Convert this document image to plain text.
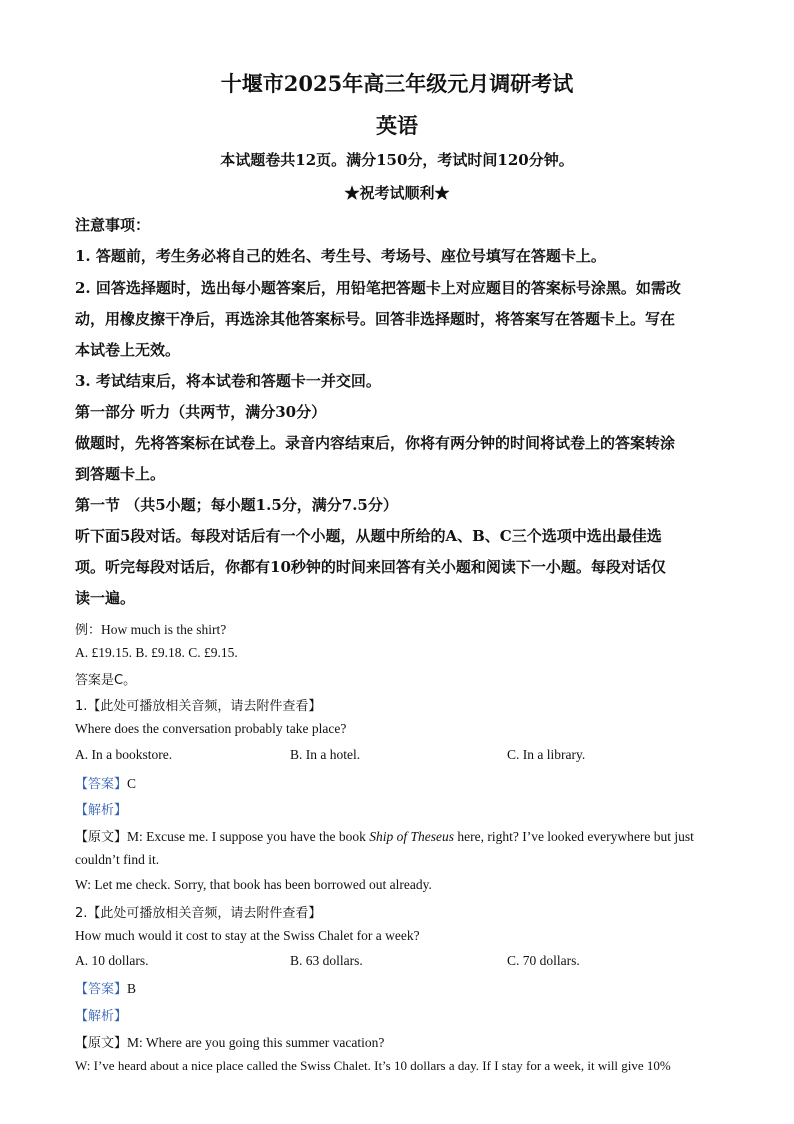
十堰市2025年高三年级元月调研考试
英语
本试题卷共12页。满分150分，考试时间120分钟。
★祝考试顺利★
注意事项：
1. 答题前，考生务必将自己的姓名、考生号、考场号、座位号填写在答题卡上。
2. 回答选择题时，选出每小题答案后，用铅笔把答题卡上对应题目的答案标号涂黑。如需改
动，用橡皮擦干净后，再选涂其他答案标号。回答非选择题时，将答案写在答题卡上。写在
本试卷上无效。
3. 考试结束后，将本试卷和答题卡一并交回。
第一部分 听力（共两节，满分30分）
做题时，先将答案标在试卷上。录音内容结束后，你将有两分钟的时间将试卷上的答案转涂
到答题卡上。
第一节 （共5小题；每小题1.5分，满分7.5分）
听下面5段对话。每段对话后有一个小题，从题中所给的A、B、C三个选项中选出最佳选
项。听完每段对话后，你都有10秒钟的时间来回答有关小题和阅读下一小题。每段对话仅
读一遍。
例：How much is the shirt?
A. £19.15. B. £9.18. C. £9.15.
答案是C。
1.【此处可播放相关音频，请去附件查看】
Where does the conversation probably take place?
A. In a bookstore.	B. In a hotel.	C. In a library.
【答案】C
【解析】
【原文】M: Excuse me. I suppose you have the book Ship of Theseus here, right? I’ve looked everywhere but just
couldn’t find it.
W: Let me check. Sorry, that book has been borrowed out already.
2.【此处可播放相关音频，请去附件查看】
How much would it cost to stay at the Swiss Chalet for a week?
A. 10 dollars.	B. 63 dollars.	C. 70 dollars.
【答案】B
【解析】
【原文】M: Where are you going this summer vacation?
W: I’ve heard about a nice place called the Swiss Chalet. It’s 10 dollars a day. If I stay for a week, it will give 10%
